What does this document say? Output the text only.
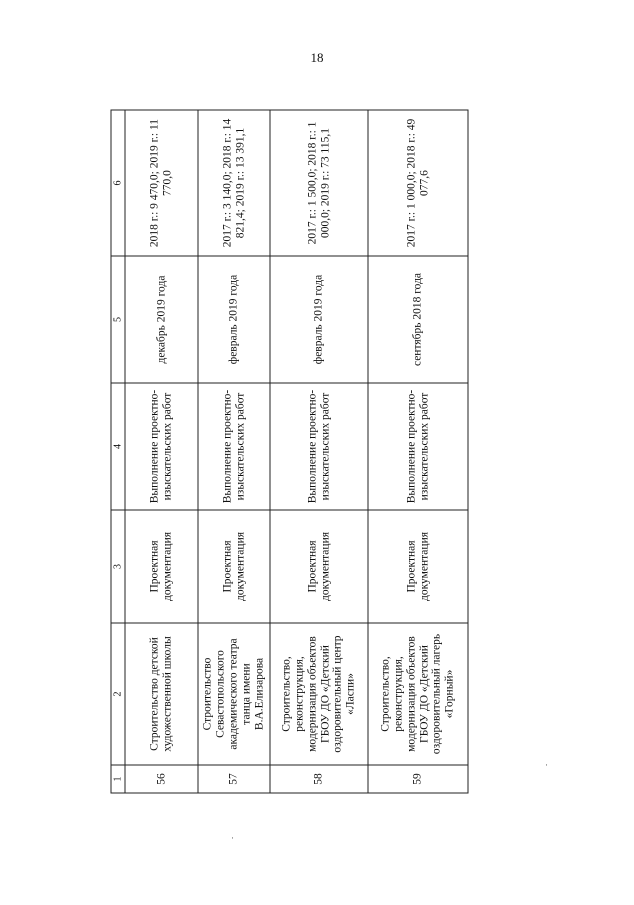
18
1	2	3	4	5	6
56	Строительство детской художественной школы	Проектная документация	Выполнение проектно-изыскательских работ	декабрь 2019 года	2018 г.: 9 470,0; 2019 г.: 11 770,0
57	Строительство Севастопольского академического театра танца имени В.А.Елизарова	Проектная документация	Выполнение проектно-изыскательских работ	февраль 2019 года	2017 г.: 3 140,0; 2018 г.: 14 821,4; 2019 г.: 13 391,1
58	Строительство, реконструкция, модернизация объектов ГБОУ ДО «Детский оздоровительный центр «Ласпи»	Проектная документация	Выполнение проектно-изыскательских работ	февраль 2019 года	2017 г.: 1 500,0; 2018 г.: 1 000,0; 2019 г.: 73 115,1
59	Строительство, реконструкция, модернизация объектов ГБОУ ДО «Детский оздоровительный лагерь «Горный»	Проектная документация	Выполнение проектно-изыскательских работ	сентябрь 2018 года	2017 г.: 1 000,0; 2018 г.: 49 077,6
·
·
